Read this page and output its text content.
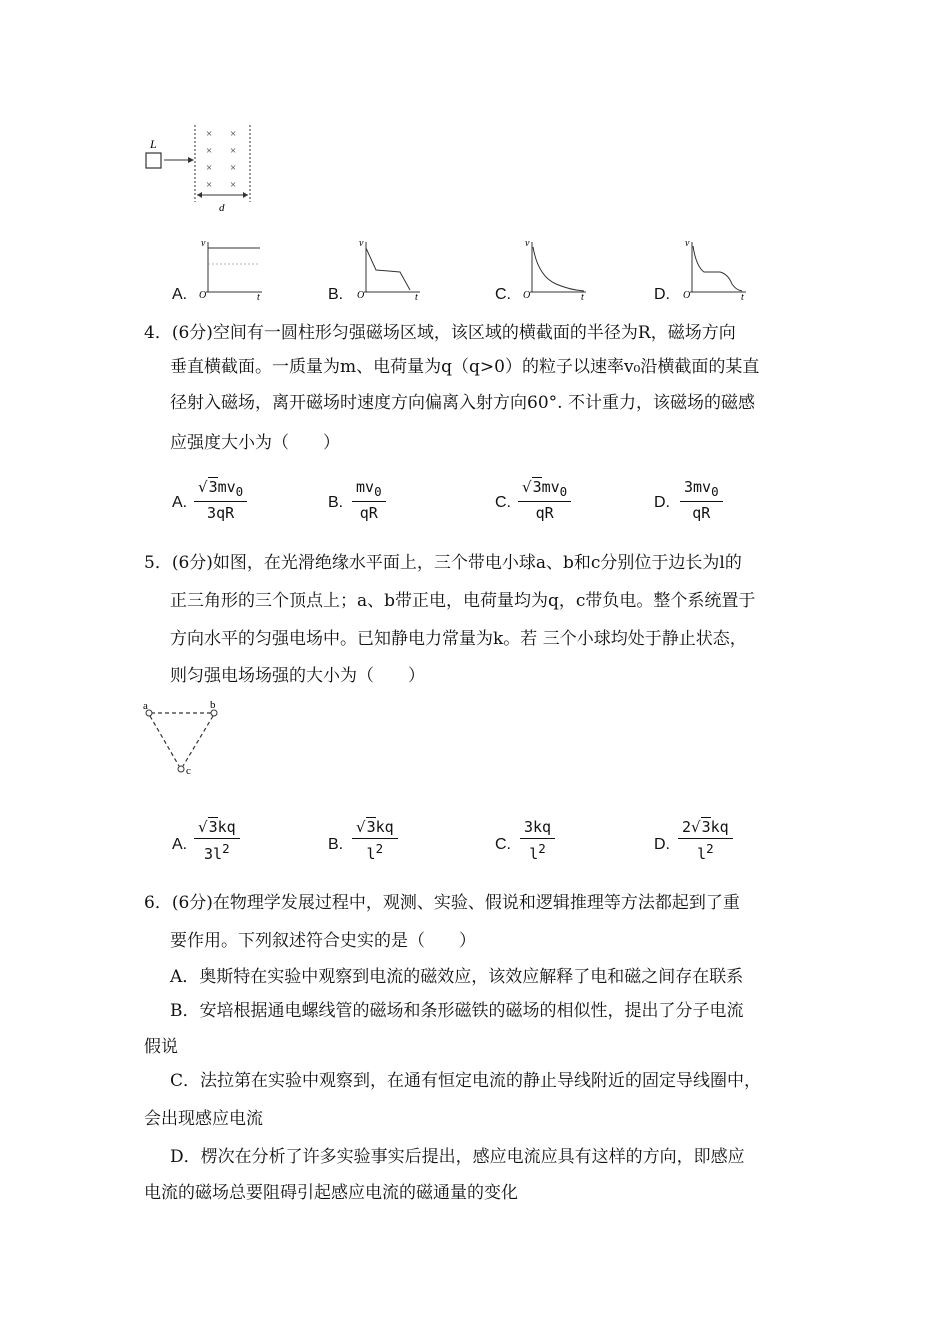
L
× ×
× ×
× ×
× ×
d
A.
v
O	t	B.
v
O	t	C.
v
O	t	D.
v
O	t
4．(6分)空间有一圆柱形匀强磁场区域，该区域的横截面的半径为R，磁场方向
垂直横截面。一质量为m、电荷量为q（q>0）的粒子以速率v₀沿横截面的某直
径射入磁场，离开磁场时速度方向偏离入射方向60°. 不计重力，该磁场的磁感
应强度大小为（　　）
A. $\frac{√3mv_0}{3qR}$	B. $\frac{mv_0}{qR}$	C. $\frac{√3mv_0}{qR}$	D. $\frac{3mv_0}{qR}$
5．(6分)如图，在光滑绝缘水平面上，三个带电小球a、b和c分别位于边长为l的
正三角形的三个顶点上；a、b带正电，电荷量均为q，c带负电。整个系统置于
方向水平的匀强电场中。已知静电力常量为k。若 三个小球均处于静止状态，
则匀强电场场强的大小为（　　）
a	b
c
A. $\frac{√3kq}{3l^2}$	B. $\frac{√3kq}{l^2}$	C. $\frac{3kq}{l^2}$	D. $\frac{2√3kq}{l^2}$
6．(6分)在物理学发展过程中，观测、实验、假说和逻辑推理等方法都起到了重
要作用。下列叙述符合史实的是（　　）
A．奥斯特在实验中观察到电流的磁效应，该效应解释了电和磁之间存在联系
B．安培根据通电螺线管的磁场和条形磁铁的磁场的相似性，提出了分子电流
假说
C．法拉第在实验中观察到，在通有恒定电流的静止导线附近的固定导线圈中，
会出现感应电流
D．楞次在分析了许多实验事实后提出，感应电流应具有这样的方向，即感应
电流的磁场总要阻碍引起感应电流的磁通量的变化
